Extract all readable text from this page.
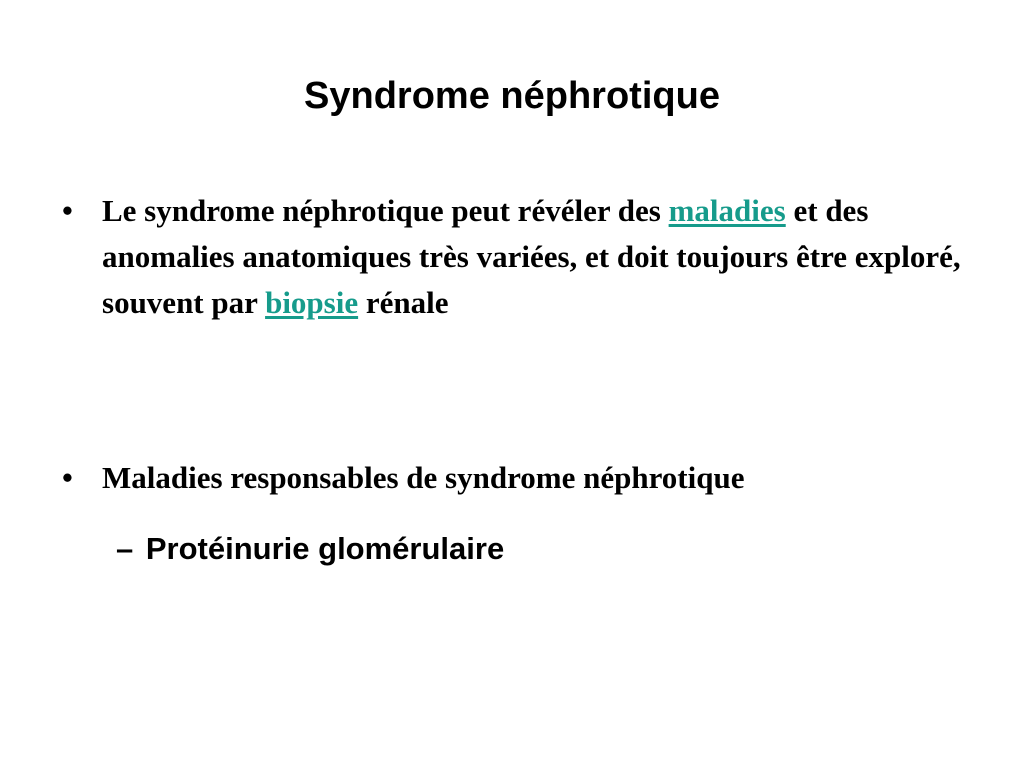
Syndrome néphrotique
• Le syndrome néphrotique peut révéler des maladies et des anomalies anatomiques très variées, et doit toujours être exploré, souvent par biopsie rénale
• Maladies responsables de syndrome néphrotique
– Protéinurie glomérulaire
